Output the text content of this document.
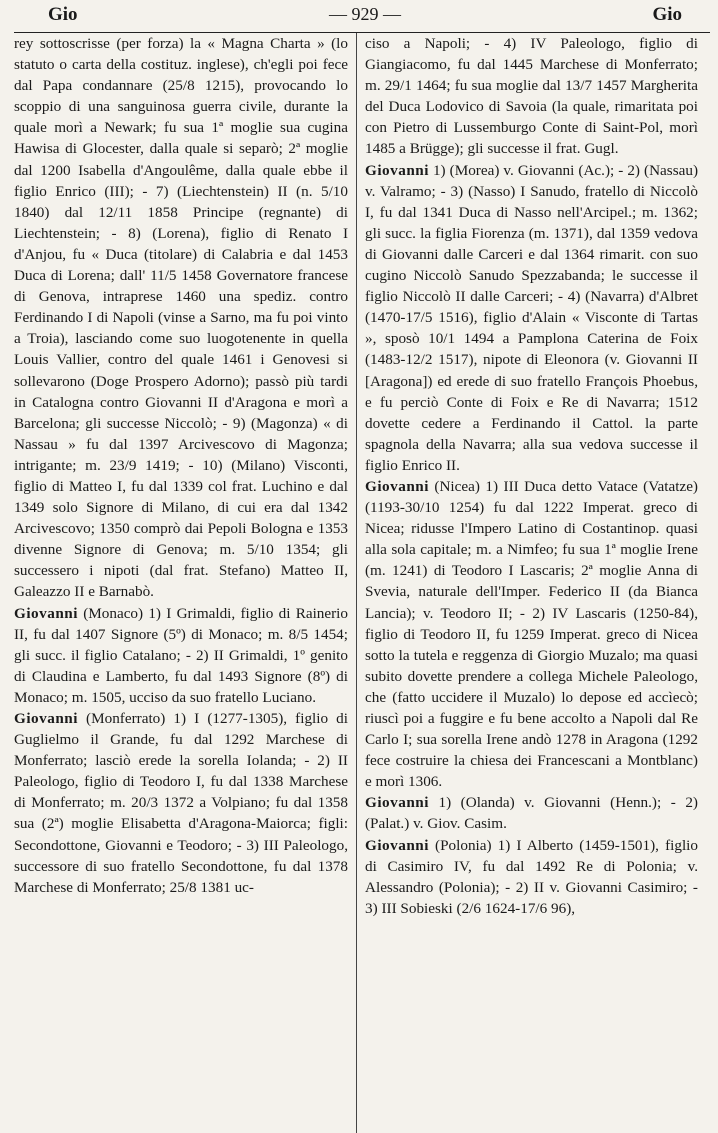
Gio	— 929 —	Gio

rey sottoscrisse (per forza) la « Magna Charta » (lo statuto o carta della costituz. inglese), ch'egli poi fece dal Papa condannare (25/8 1215), provocando lo scoppio di una sanguinosa guerra civile, durante la quale morì a Newark; fu sua 1ª moglie sua cugina Hawisa di Glocester, dalla quale si separò; 2ª moglie dal 1200 Isabella d'Angoulême, dalla quale ebbe il figlio Enrico (III); - 7) (Liechtenstein) II (n. 5/10 1840) dal 12/11 1858 Principe (regnante) di Liechtenstein; - 8) (Lorena), figlio di Renato I d'Anjou, fu « Duca (titolare) di Calabria e dal 1453 Duca di Lorena; dall' 11/5 1458 Governatore francese di Genova, intraprese 1460 una spediz. contro Ferdinando I di Napoli (vinse a Sarno, ma fu poi vinto a Troia), lasciando come suo luogotenente in quella Louis Vallier, contro del quale 1461 i Genovesi si sollevarono (Doge Prospero Adorno); passò più tardi in Catalogna contro Giovanni II d'Aragona e morì a Barcelona; gli successe Niccolò; - 9) (Magonza) « di Nassau » fu dal 1397 Arcivescovo di Magonza; intrigante; m. 23/9 1419; - 10) (Milano) Visconti, figlio di Matteo I, fu dal 1339 col frat. Luchino e dal 1349 solo Signore di Milano, di cui era dal 1342 Arcivescovo; 1350 comprò dai Pepoli Bologna e 1353 divenne Signore di Genova; m. 5/10 1354; gli successero i nipoti (dal frat. Stefano) Matteo II, Galeazzo II e Barnabò.

Giovanni (Monaco) 1) I Grimaldi, figlio di Rainerio II, fu dal 1407 Signore (5º) di Monaco; m. 8/5 1454; gli succ. il figlio Catalano; - 2) II Grimaldi, 1º genito di Claudina e Lamberto, fu dal 1493 Signore (8º) di Monaco; m. 1505, ucciso da suo fratello Luciano.

Giovanni (Monferrato) 1) I (1277-1305), figlio di Guglielmo il Grande, fu dal 1292 Marchese di Monferrato; lasciò erede la sorella Iolanda; - 2) II Paleologo, figlio di Teodoro I, fu dal 1338 Marchese di Monferrato; m. 20/3 1372 a Volpiano; fu dal 1358 sua (2ª) moglie Elisabetta d'Aragona-Maiorca; figli: Secondottone, Giovanni e Teodoro; - 3) III Paleologo, successore di suo fratello Secondottone, fu dal 1378 Marchese di Monferrato; 25/8 1381 uc-

ciso a Napoli; - 4) IV Paleologo, figlio di Giangiacomo, fu dal 1445 Marchese di Monferrato; m. 29/1 1464; fu sua moglie dal 13/7 1457 Margherita del Duca Lodovico di Savoia (la quale, rimaritata poi con Pietro di Lussemburgo Conte di Saint-Pol, morì 1485 a Brügge); gli successe il frat. Gugl.

Giovanni 1) (Morea) v. Giovanni (Ac.); - 2) (Nassau) v. Valramo; - 3) (Nasso) I Sanudo, fratello di Niccolò I, fu dal 1341 Duca di Nasso nell'Arcipel.; m. 1362; gli succ. la figlia Fiorenza (m. 1371), dal 1359 vedova di Giovanni dalle Carceri e dal 1364 rimarit. con suo cugino Niccolò Sanudo Spezzabanda; le successe il figlio Niccolò II dalle Carceri; - 4) (Navarra) d'Albret (1470-17/5 1516), figlio d'Alain « Visconte di Tartas », sposò 10/1 1494 a Pamplona Caterina de Foix (1483-12/2 1517), nipote di Eleonora (v. Giovanni II [Aragona]) ed erede di suo fratello François Phoebus, e fu perciò Conte di Foix e Re di Navarra; 1512 dovette cedere a Ferdinando il Cattol. la parte spagnola della Navarra; alla sua vedova successe il figlio Enrico II.

Giovanni (Nicea) 1) III Duca detto Vatace (Vatatze) (1193-30/10 1254) fu dal 1222 Imperat. greco di Nicea; ridusse l'Impero Latino di Costantinop. quasi alla sola capitale; m. a Nimfeo; fu sua 1ª moglie Irene (m. 1241) di Teodoro I Lascaris; 2ª moglie Anna di Svevia, naturale dell'Imper. Federico II (da Bianca Lancia); v. Teodoro II; - 2) IV Lascaris (1250-84), figlio di Teodoro II, fu 1259 Imperat. greco di Nicea sotto la tutela e reggenza di Giorgio Muzalo; ma quasi subito dovette prendere a collega Michele Paleologo, che (fatto uccidere il Muzalo) lo depose ed accìecò; riuscì poi a fuggire e fu bene accolto a Napoli dal Re Carlo I; sua sorella Irene andò 1278 in Aragona (1292 fece costruire la chiesa dei Francescani a Montblanc) e morì 1306.

Giovanni 1) (Olanda) v. Giovanni (Henn.); - 2) (Palat.) v. Giov. Casim.

Giovanni (Polonia) 1) I Alberto (1459-1501), figlio di Casimiro IV, fu dal 1492 Re di Polonia; v. Alessandro (Polonia); - 2) II v. Giovanni Casimiro; - 3) III Sobieski (2/6 1624-17/6 96),
